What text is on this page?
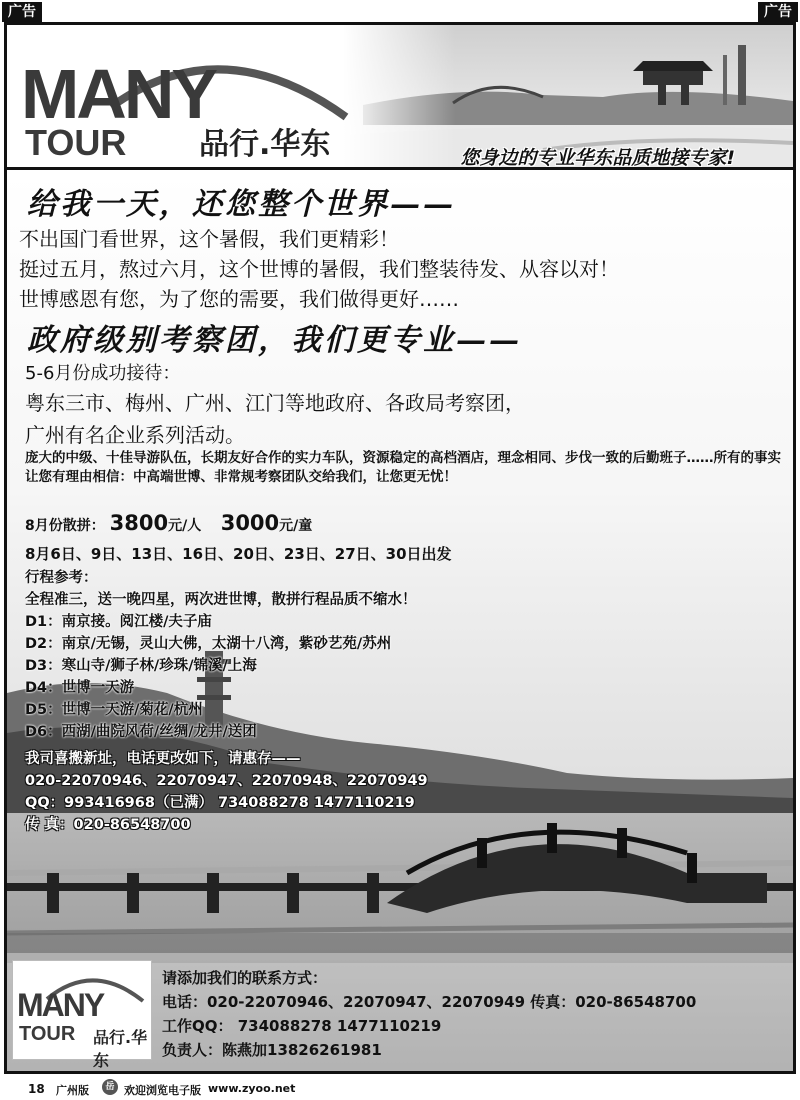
广告	广告
MANY
TOUR 品行.华东	您身边的专业华东品质地接专家!
给我一天，还您整个世界——
不出国门看世界，这个暑假，我们更精彩！
挺过五月，熬过六月，这个世博的暑假，我们整装待发、从容以对！
世博感恩有您，为了您的需要，我们做得更好……
政府级别考察团，我们更专业——
5-6月份成功接待：
粤东三市、梅州、广州、江门等地政府、各政局考察团，
广州有名企业系列活动。
庞大的中级、十佳导游队伍，长期友好合作的实力车队，资源稳定的高档酒店，理念相同、步伐一致的后勤班子……所有的事实让您有理由相信：中高端世博、非常规考察团队交给我们，让您更无忧！
8月份散拼： 3800元/人 3000元/童
8月6日、9日、13日、16日、20日、23日、27日、30日出发
行程参考：
全程准三，送一晚四星，两次进世博，散拼行程品质不缩水！
D1：南京接。阅江楼/夫子庙
D2：南京/无锡，灵山大佛，太湖十八湾，紫砂艺苑/苏州
D3：寒山寺/狮子林/珍珠/锦溪/上海
D4：世博一天游
D5：世博一天游/菊花/杭州
D6：西湖/曲院风荷/丝绸/龙井/送团
我司喜搬新址，电话更改如下，请惠存——
020-22070946、22070947、22070948、22070949
QQ：993416968（已满） 734088278 1477110219
传 真：020-86548700
MANY
TOUR 品行.华东
请添加我们的联系方式：
电话：020-22070946、22070947、22070949 传真：020-86548700
工作QQ： 734088278 1477110219
负责人：陈燕加13826261981
18 广州版	岳 欢迎浏览电子版 www.zyoo.net
